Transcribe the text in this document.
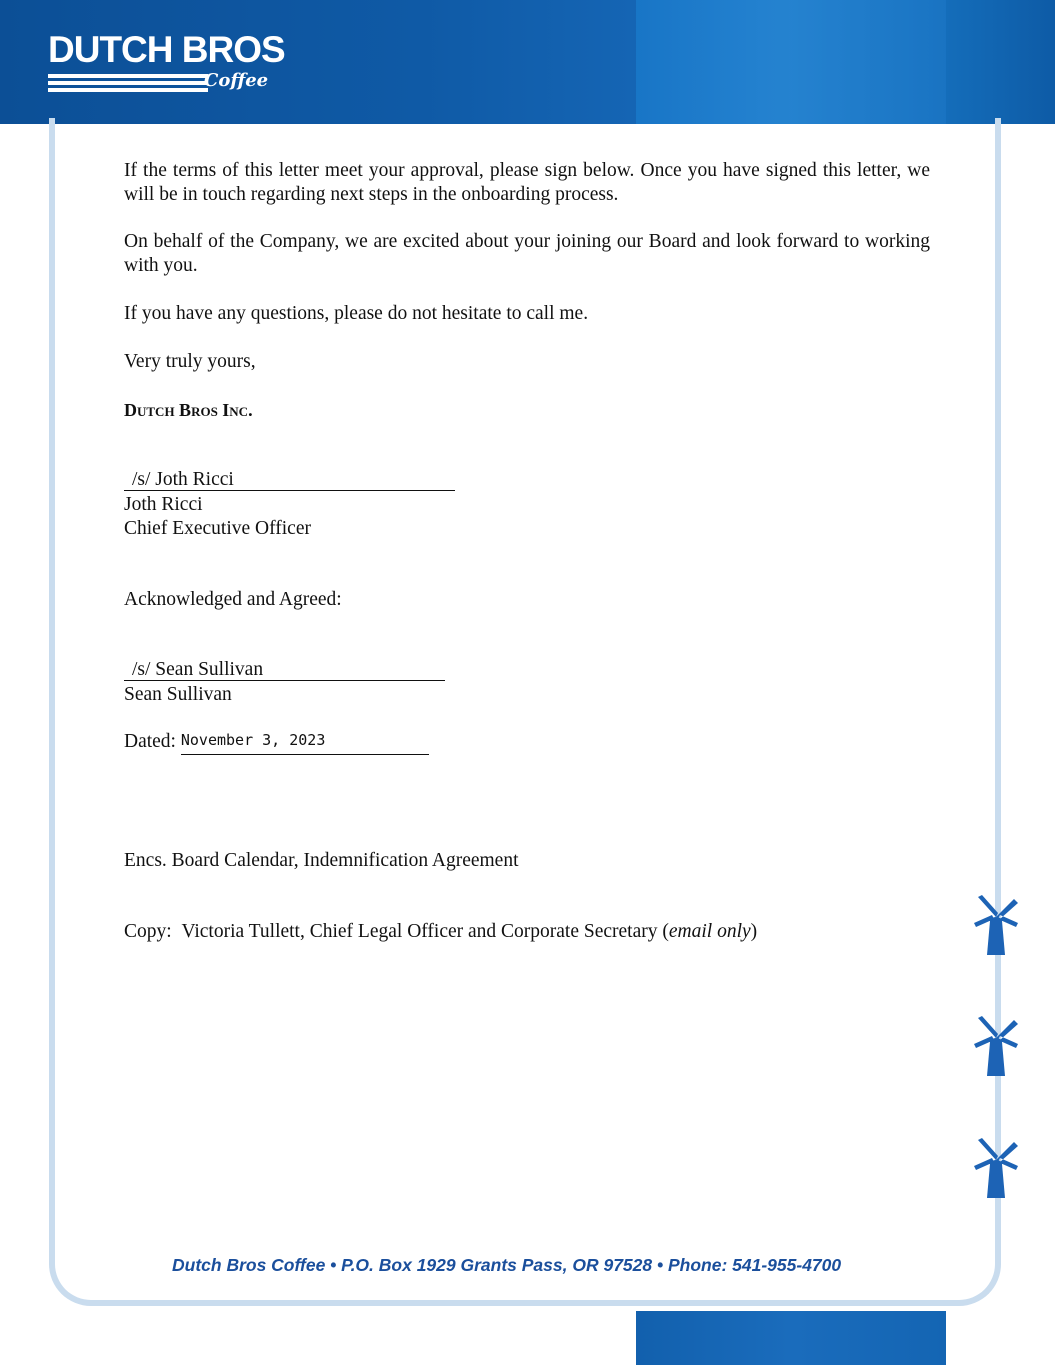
DUTCH BROS
Coffee

If the terms of this letter meet your approval, please sign below. Once you have signed this letter, we will be in touch regarding next steps in the onboarding process.

On behalf of the Company, we are excited about your joining our Board and look forward to working with you.

If you have any questions, please do not hesitate to call me.

Very truly yours,

Dutch Bros Inc.

/s/ Joth Ricci

Joth Ricci

Chief Executive Officer

Acknowledged and Agreed:

/s/ Sean Sullivan

Sean Sullivan

Dated: November 3, 2023

Encs. Board Calendar, Indemnification Agreement

Copy: Victoria Tullett, Chief Legal Officer and Corporate Secretary (email only)

Dutch Bros Coffee • P.O. Box 1929 Grants Pass, OR 97528 • Phone: 541-955-4700
